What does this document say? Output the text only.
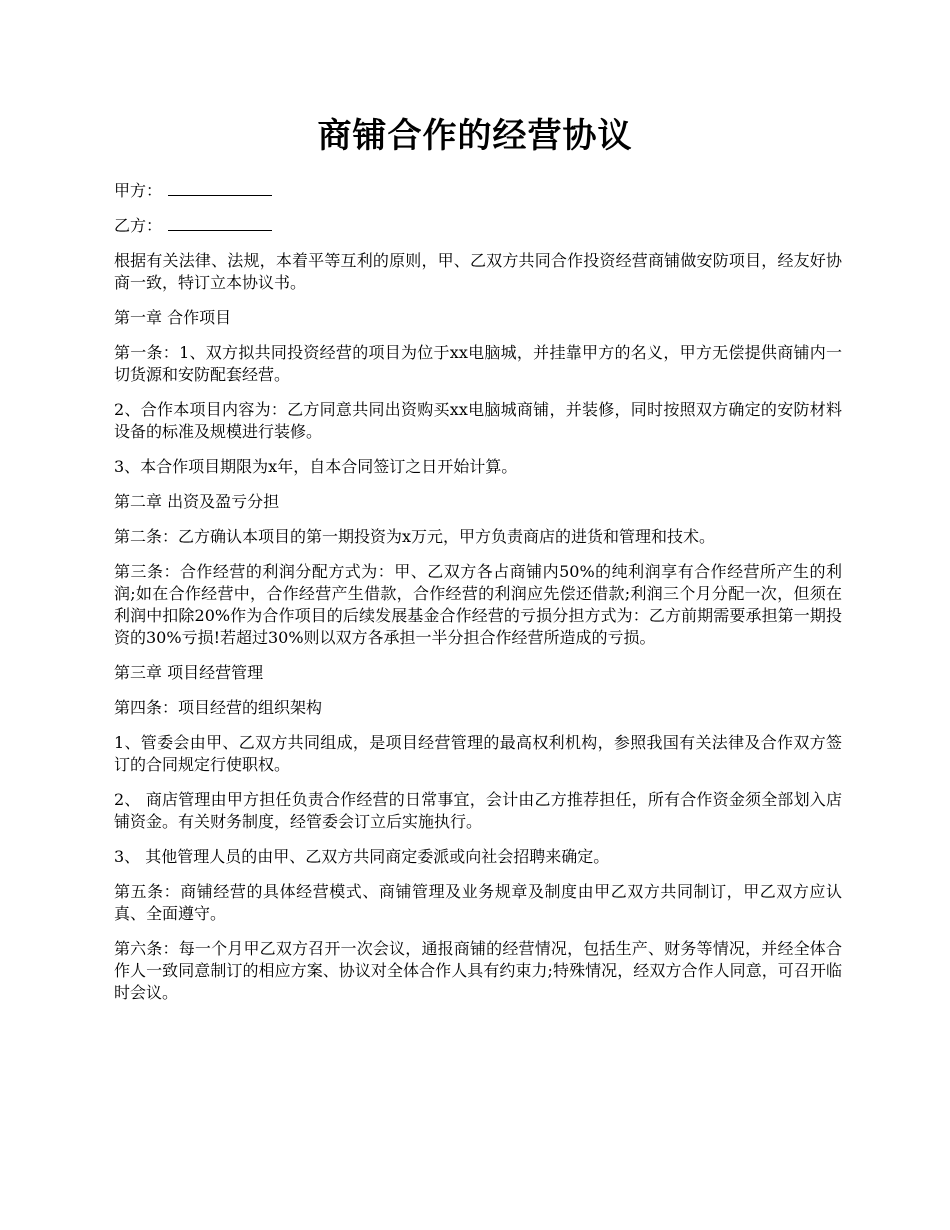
商铺合作的经营协议

甲方：

乙方：

根据有关法律、法规，本着平等互利的原则，甲、乙双方共同合作投资经营商铺做安防项目，经友好协商一致，特订立本协议书。

第一章 合作项目

第一条：1、双方拟共同投资经营的项目为位于xx电脑城，并挂靠甲方的名义，甲方无偿提供商铺内一切货源和安防配套经营。

2、合作本项目内容为：乙方同意共同出资购买xx电脑城商铺，并装修，同时按照双方确定的安防材料设备的标准及规模进行装修。

3、本合作项目期限为x年，自本合同签订之日开始计算。

第二章 出资及盈亏分担

第二条：乙方确认本项目的第一期投资为x万元，甲方负责商店的进货和管理和技术。

第三条：合作经营的利润分配方式为：甲、乙双方各占商铺内50%的纯利润享有合作经营所产生的利润;如在合作经营中，合作经营产生借款，合作经营的利润应先偿还借款;利润三个月分配一次，但须在利润中扣除20%作为合作项目的后续发展基金合作经营的亏损分担方式为：乙方前期需要承担第一期投资的30%亏损!若超过30%则以双方各承担一半分担合作经营所造成的亏损。

第三章 项目经营管理

第四条：项目经营的组织架构

1、管委会由甲、乙双方共同组成，是项目经营管理的最高权利机构，参照我国有关法律及合作双方签订的合同规定行使职权。

2、 商店管理由甲方担任负责合作经营的日常事宜，会计由乙方推荐担任，所有合作资金须全部划入店铺资金。有关财务制度，经管委会订立后实施执行。

3、 其他管理人员的由甲、乙双方共同商定委派或向社会招聘来确定。

第五条：商铺经营的具体经营模式、商铺管理及业务规章及制度由甲乙双方共同制订，甲乙双方应认真、全面遵守。

第六条：每一个月甲乙双方召开一次会议，通报商铺的经营情况，包括生产、财务等情况，并经全体合作人一致同意制订的相应方案、协议对全体合作人具有约束力;特殊情况，经双方合作人同意，可召开临时会议。
